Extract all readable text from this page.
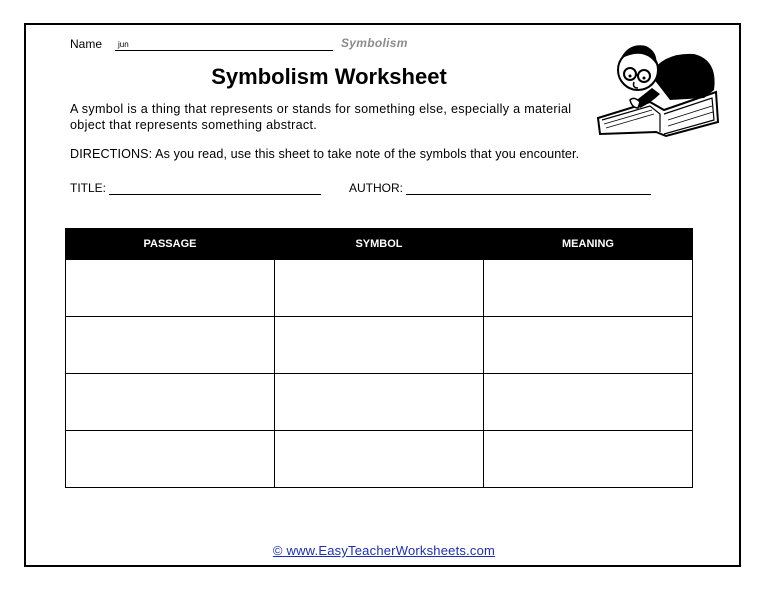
Name jun	Symbolism
Symbolism Worksheet
A symbol is a thing that represents or stands for something else, especially a material object that represents something abstract.
DIRECTIONS: As you read, use this sheet to take note of the symbols that you encounter.
TITLE:	AUTHOR:
PASSAGE	SYMBOL	MEANING

© www.EasyTeacherWorksheets.com
